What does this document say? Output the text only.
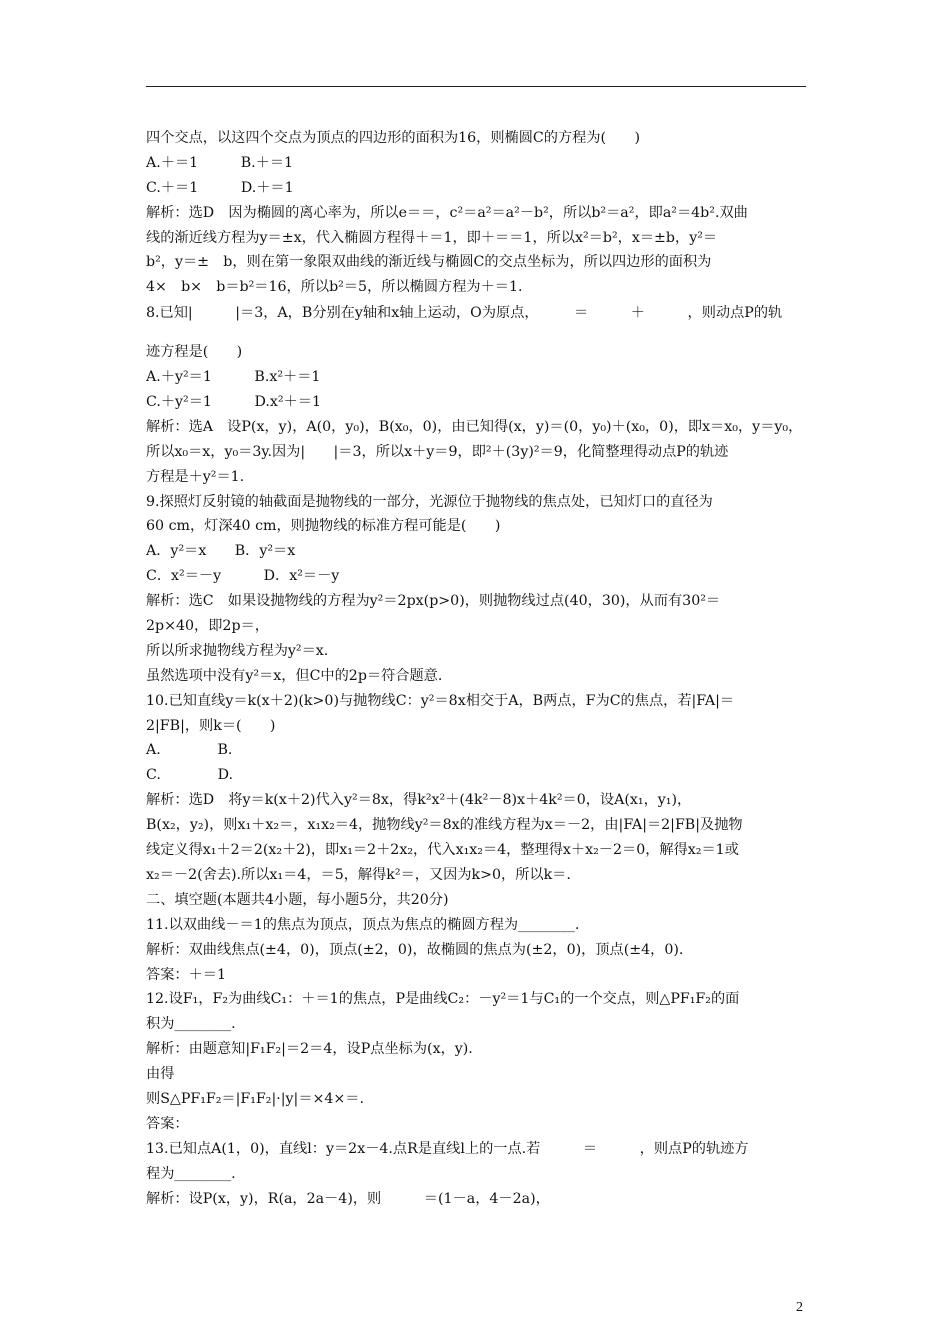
四个交点，以这四个交点为顶点的四边形的面积为16，则椭圆C的方程为(　　)
A.＋＝1　　　B.＋＝1
C.＋＝1　　　D.＋＝1
解析：选D　因为椭圆的离心率为，所以e＝＝，c²＝a²＝a²－b²，所以b²＝a²，即a²＝4b².双曲
线的渐近线方程为y＝±x，代入椭圆方程得＋＝1，即＋＝＝1，所以x²＝b²，x＝±b，y²＝
b²，y＝±　b，则在第一象限双曲线的渐近线与椭圆C的交点坐标为，所以四边形的面积为
4×　b×　b＝b²＝16，所以b²＝5，所以椭圆方程为＋＝1.
8.已知|　　　|＝3，A，B分别在y轴和x轴上运动，O为原点，　　　＝　　　＋　　　，则动点P的轨
迹方程是(　　)
A.＋y²＝1　　　B.x²＋＝1
C.＋y²＝1　　　D.x²＋＝1
解析：选A　设P(x，y)，A(0，y₀)，B(x₀，0)，由已知得(x，y)＝(0，y₀)＋(x₀，0)，即x＝x₀，y＝y₀，
所以x₀＝x，y₀＝3y.因为|　　|＝3，所以x＋y＝9，即²＋(3y)²＝9，化简整理得动点P的轨迹
方程是＋y²＝1.
9.探照灯反射镜的轴截面是抛物线的一部分，光源位于抛物线的焦点处，已知灯口的直径为
60 cm，灯深40 cm，则抛物线的标准方程可能是(　　)
A．y²＝x　　B．y²＝x
C．x²＝－y　　　D．x²＝－y
解析：选C　如果设抛物线的方程为y²＝2px(p>0)，则抛物线过点(40，30)，从而有30²＝
2p×40，即2p＝，
所以所求抛物线方程为y²＝x.
虽然选项中没有y²＝x，但C中的2p＝符合题意.
10.已知直线y＝k(x＋2)(k>0)与抛物线C：y²＝8x相交于A，B两点，F为C的焦点，若|FA|＝
2|FB|，则k＝(　　)
A.　　　　B.
C.　　　　D.
解析：选D　将y＝k(x＋2)代入y²＝8x，得k²x²＋(4k²－8)x＋4k²＝0，设A(x₁，y₁)，
B(x₂，y₂)，则x₁＋x₂＝，x₁x₂＝4，抛物线y²＝8x的准线方程为x＝－2，由|FA|＝2|FB|及抛物
线定义得x₁＋2＝2(x₂＋2)，即x₁＝2＋2x₂，代入x₁x₂＝4，整理得x＋x₂－2＝0，解得x₂＝1或
x₂＝－2(舍去).所以x₁＝4，＝5，解得k²＝，又因为k>0，所以k＝.
二、填空题(本题共4小题，每小题5分，共20分)
11.以双曲线－＝1的焦点为顶点，顶点为焦点的椭圆方程为________.
解析：双曲线焦点(±4，0)，顶点(±2，0)，故椭圆的焦点为(±2，0)，顶点(±4，0).
答案：＋＝1
12.设F₁，F₂为曲线C₁：＋＝1的焦点，P是曲线C₂：－y²＝1与C₁的一个交点，则△PF₁F₂的面
积为________.
解析：由题意知|F₁F₂|＝2＝4，设P点坐标为(x，y).
由得
则S△PF₁F₂＝|F₁F₂|·|y|＝×4×＝.
答案：
13.已知点A(1，0)，直线l：y＝2x－4.点R是直线l上的一点.若　　　＝　　　，则点P的轨迹方
程为________.
解析：设P(x，y)，R(a，2a－4)，则　　　＝(1－a，4－2a)，
2
